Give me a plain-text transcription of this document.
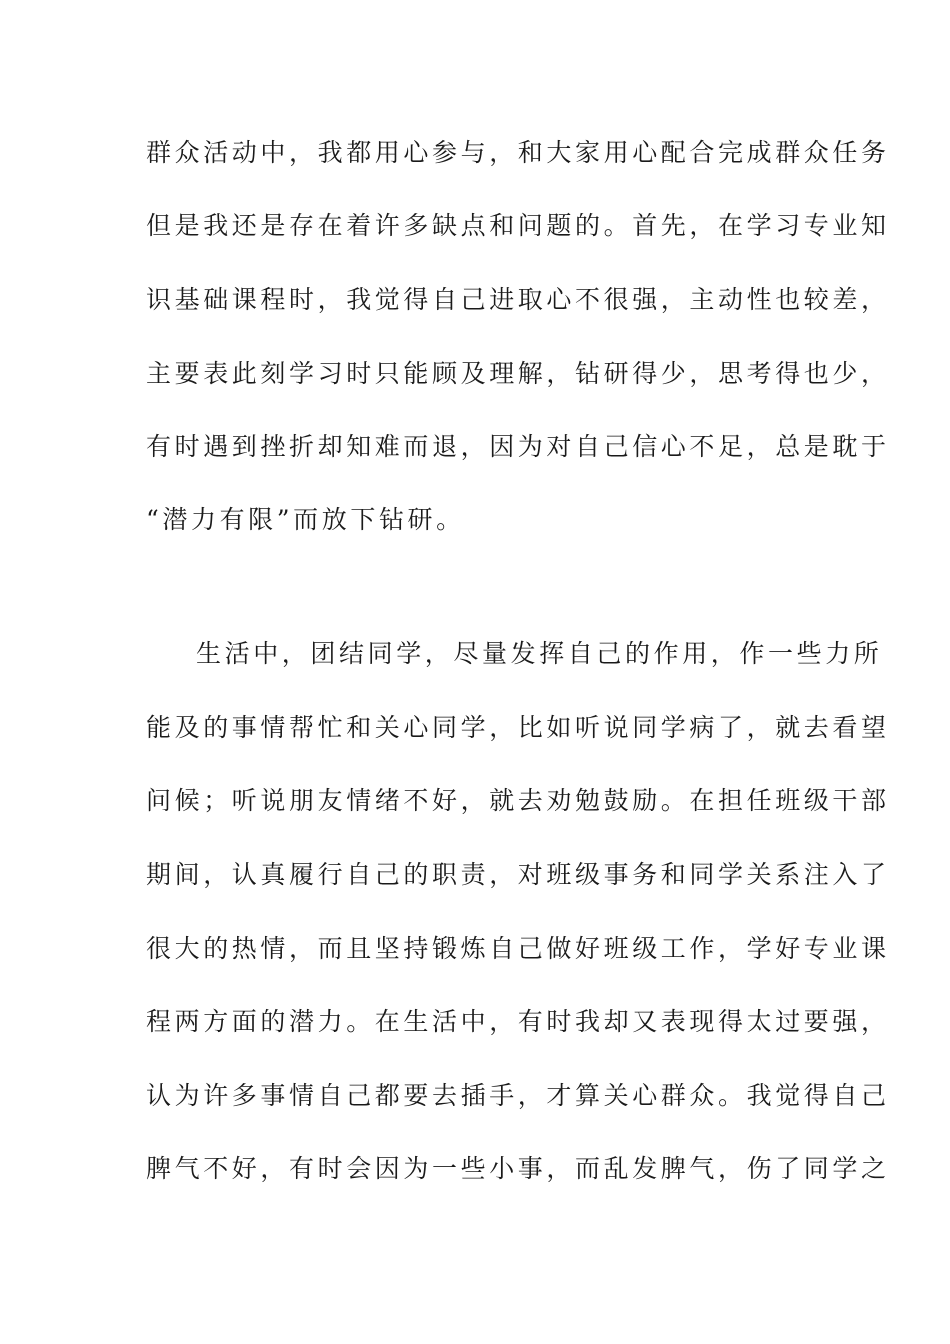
群众活动中，我都用心参与，和大家用心配合完成群众任务
但是我还是存在着许多缺点和问题的。首先，在学习专业知
识基础课程时，我觉得自己进取心不很强，主动性也较差，
主要表此刻学习时只能顾及理解，钻研得少，思考得也少，
有时遇到挫折却知难而退，因为对自己信心不足，总是耽于
“潜力有限”而放下钻研。
生活中，团结同学，尽量发挥自己的作用，作一些力所
能及的事情帮忙和关心同学，比如听说同学病了，就去看望
问候；听说朋友情绪不好，就去劝勉鼓励。在担任班级干部
期间，认真履行自己的职责，对班级事务和同学关系注入了
很大的热情，而且坚持锻炼自己做好班级工作，学好专业课
程两方面的潜力。在生活中，有时我却又表现得太过要强，
认为许多事情自己都要去插手，才算关心群众。我觉得自己
脾气不好，有时会因为一些小事，而乱发脾气，伤了同学之
